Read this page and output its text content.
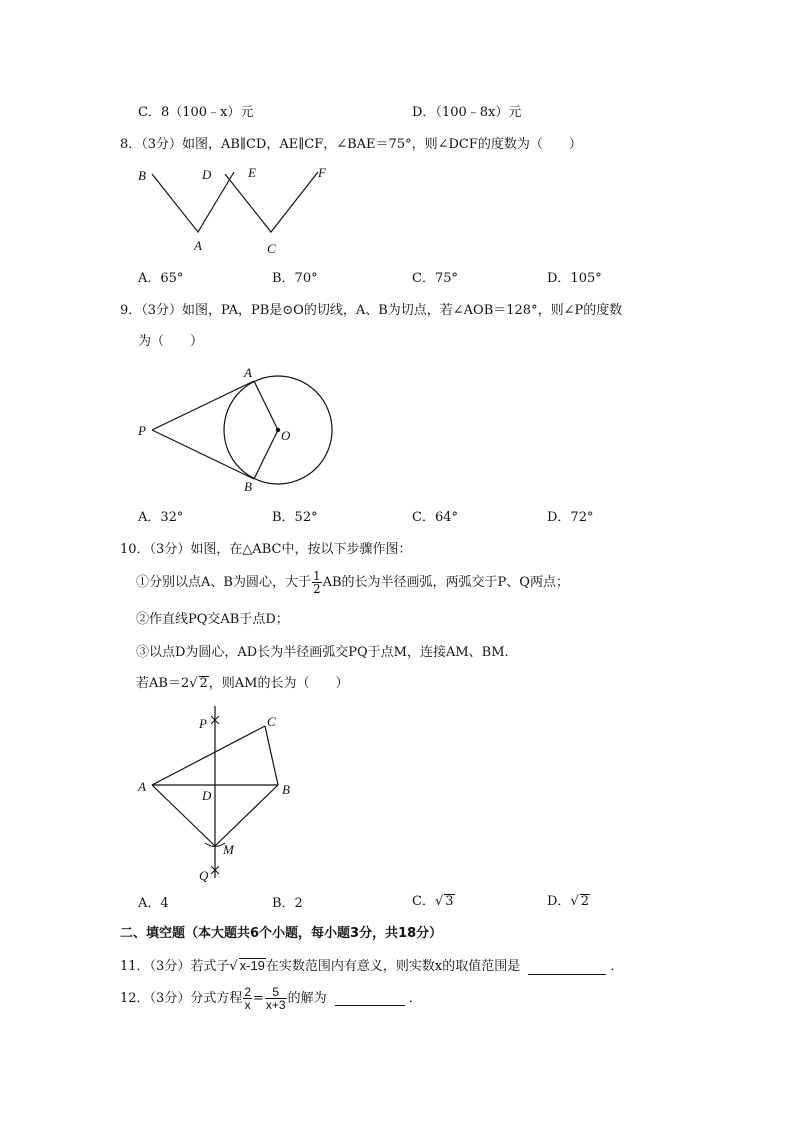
C．8（100﹣x）元	D．（100﹣8x）元
8．（3分）如图，AB∥CD，AE∥CF，∠BAE＝75°，则∠DCF的度数为（　　）
B	D	E	F
A	C
A．65°	B．70°	C．75°	D．105°
9．（3分）如图，PA，PB是⊙O的切线，A、B为切点，若∠AOB＝128°，则∠P的度数
为（　　）
A
P	O
B
A．32°	B．52°	C．64°	D．72°
10．（3分）如图，在△ABC中，按以下步骤作图：
①分别以点A、B为圆心，大于 $\frac{1}{2}$ AB的长为半径画弧，两弧交于P、Q两点；
②作直线PQ交AB于点D；
③以点D为圆心，AD长为半径画弧交PQ于点M，连接AM、BM.
若AB＝2√ 2，则AM的长为（　　）
P	C
A
D	B
M
Q
A．4	B．2	C．√ 3	D．√ 2
二、填空题（本大题共6个小题，每小题3分，共18分）
11．（3分）若式子√ x-19在实数范围内有意义，则实数x的取值范围是	．
12．（3分）分式方程 $\frac{2}{x} = \frac{5}{x+3}$ 的解为	．
